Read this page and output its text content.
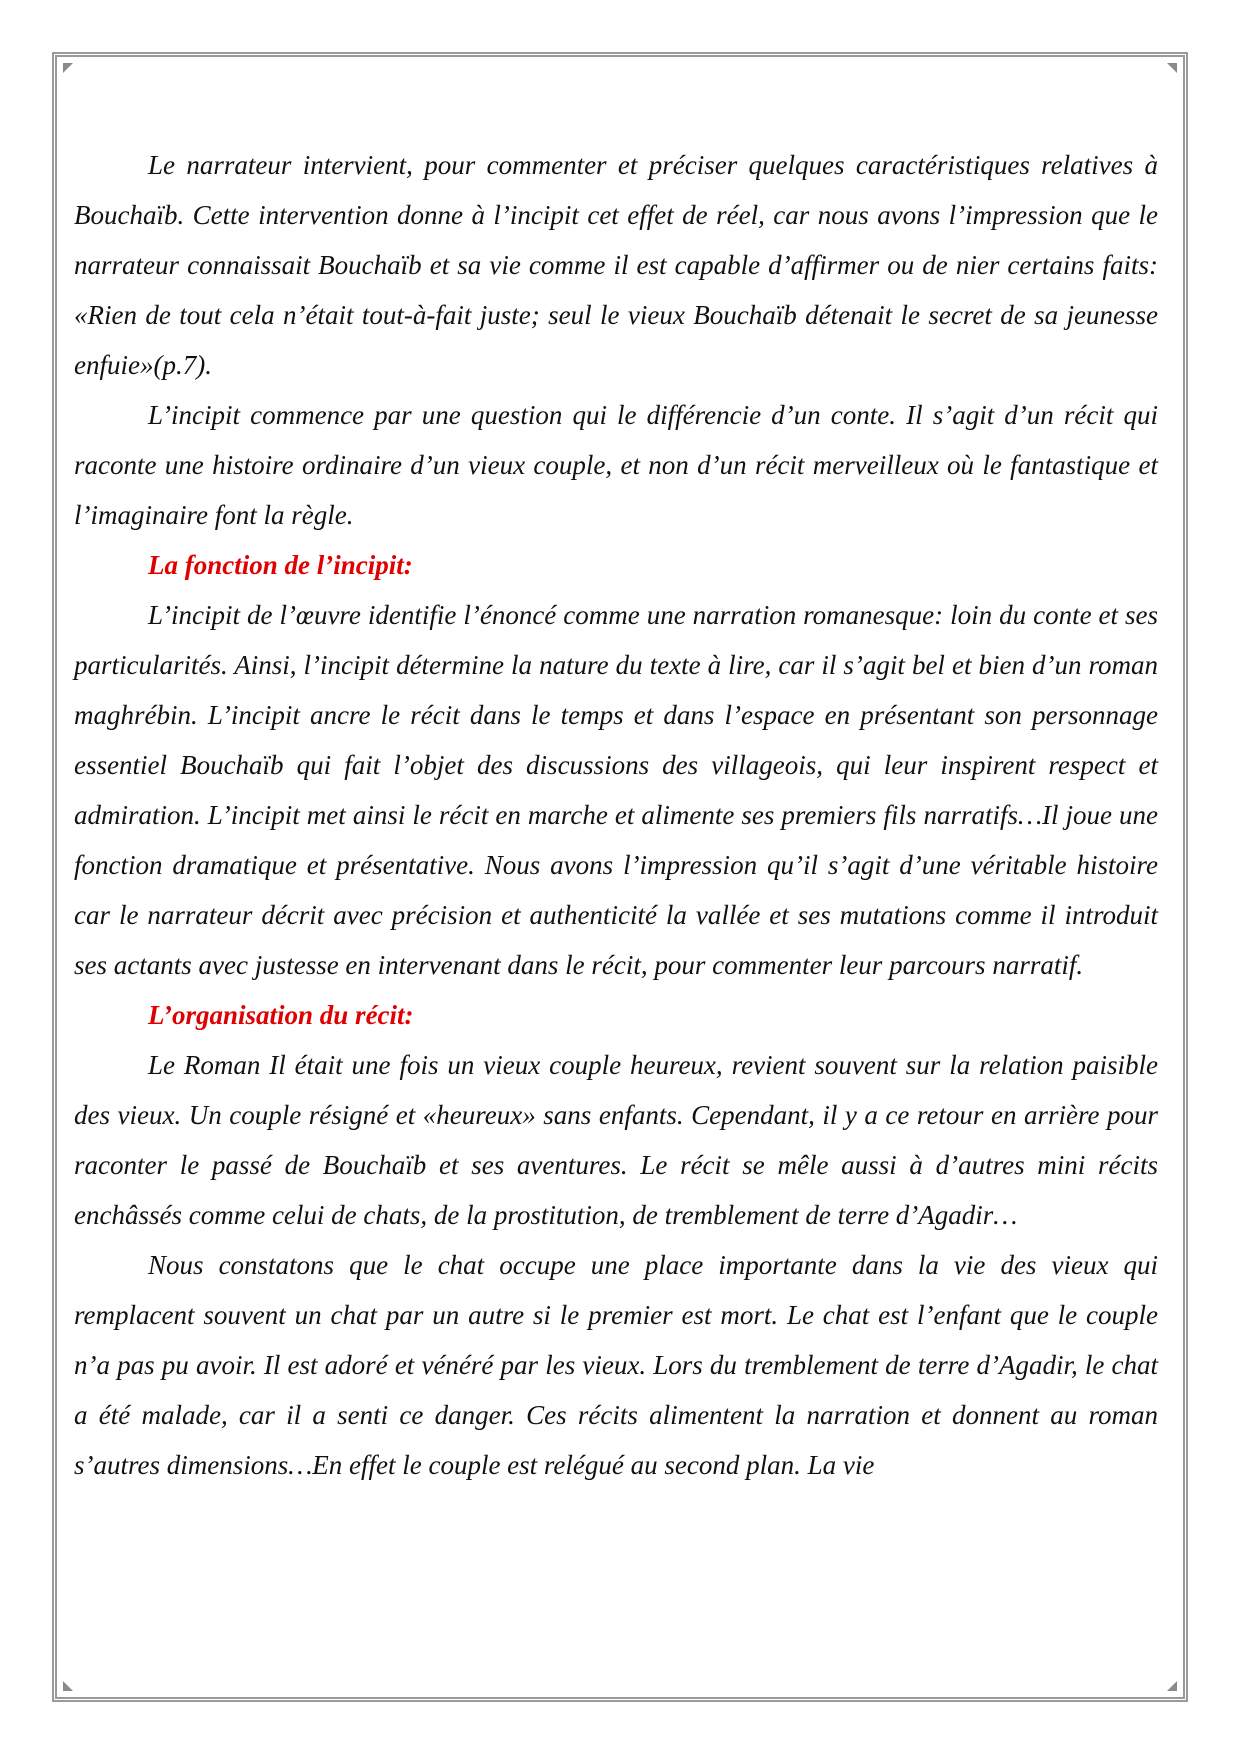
Le narrateur intervient, pour commenter et préciser quelques caractéristiques relatives à Bouchaïb. Cette intervention donne à l’incipit cet effet de réel, car nous avons l’impression que le narrateur connaissait Bouchaïb et sa vie comme il est capable d’affirmer ou de nier certains faits: «Rien de tout cela n’était tout-à-fait juste; seul le vieux Bouchaïb détenait le secret de sa jeunesse enfuie»(p.7).

L’incipit commence par une question qui le différencie d’un conte. Il s’agit d’un récit qui raconte une histoire ordinaire d’un vieux couple, et non d’un récit merveilleux où le fantastique et l’imaginaire font la règle.

La fonction de l’incipit:

L’incipit de l’œuvre identifie l’énoncé comme une narration romanesque: loin du conte et ses particularités. Ainsi, l’incipit détermine la nature du texte à lire, car il s’agit bel et bien d’un roman maghrébin. L’incipit ancre le récit dans le temps et dans l’espace en présentant son personnage essentiel Bouchaïb qui fait l’objet des discussions des villageois, qui leur inspirent respect et admiration. L’incipit met ainsi le récit en marche et alimente ses premiers fils narratifs…Il joue une fonction dramatique et présentative. Nous avons l’impression qu’il s’agit d’une véritable histoire car le narrateur décrit avec précision et authenticité la vallée et ses mutations comme il introduit ses actants avec justesse en intervenant dans le récit, pour commenter leur parcours narratif.

L’organisation du récit:

Le Roman Il était une fois un vieux couple heureux, revient souvent sur la relation paisible des vieux. Un couple résigné et «heureux» sans enfants. Cependant, il y a ce retour en arrière pour raconter le passé de Bouchaïb et ses aventures. Le récit se mêle aussi à d’autres mini récits enchâssés comme celui de chats, de la prostitution, de tremblement de terre d’Agadir…

Nous constatons que le chat occupe une place importante dans la vie des vieux qui remplacent souvent un chat par un autre si le premier est mort. Le chat est l’enfant que le couple n’a pas pu avoir. Il est adoré et vénéré par les vieux. Lors du tremblement de terre d’Agadir, le chat a été malade, car il a senti ce danger. Ces récits alimentent la narration et donnent au roman s’autres dimensions…En effet le couple est relégué au second plan. La vie
